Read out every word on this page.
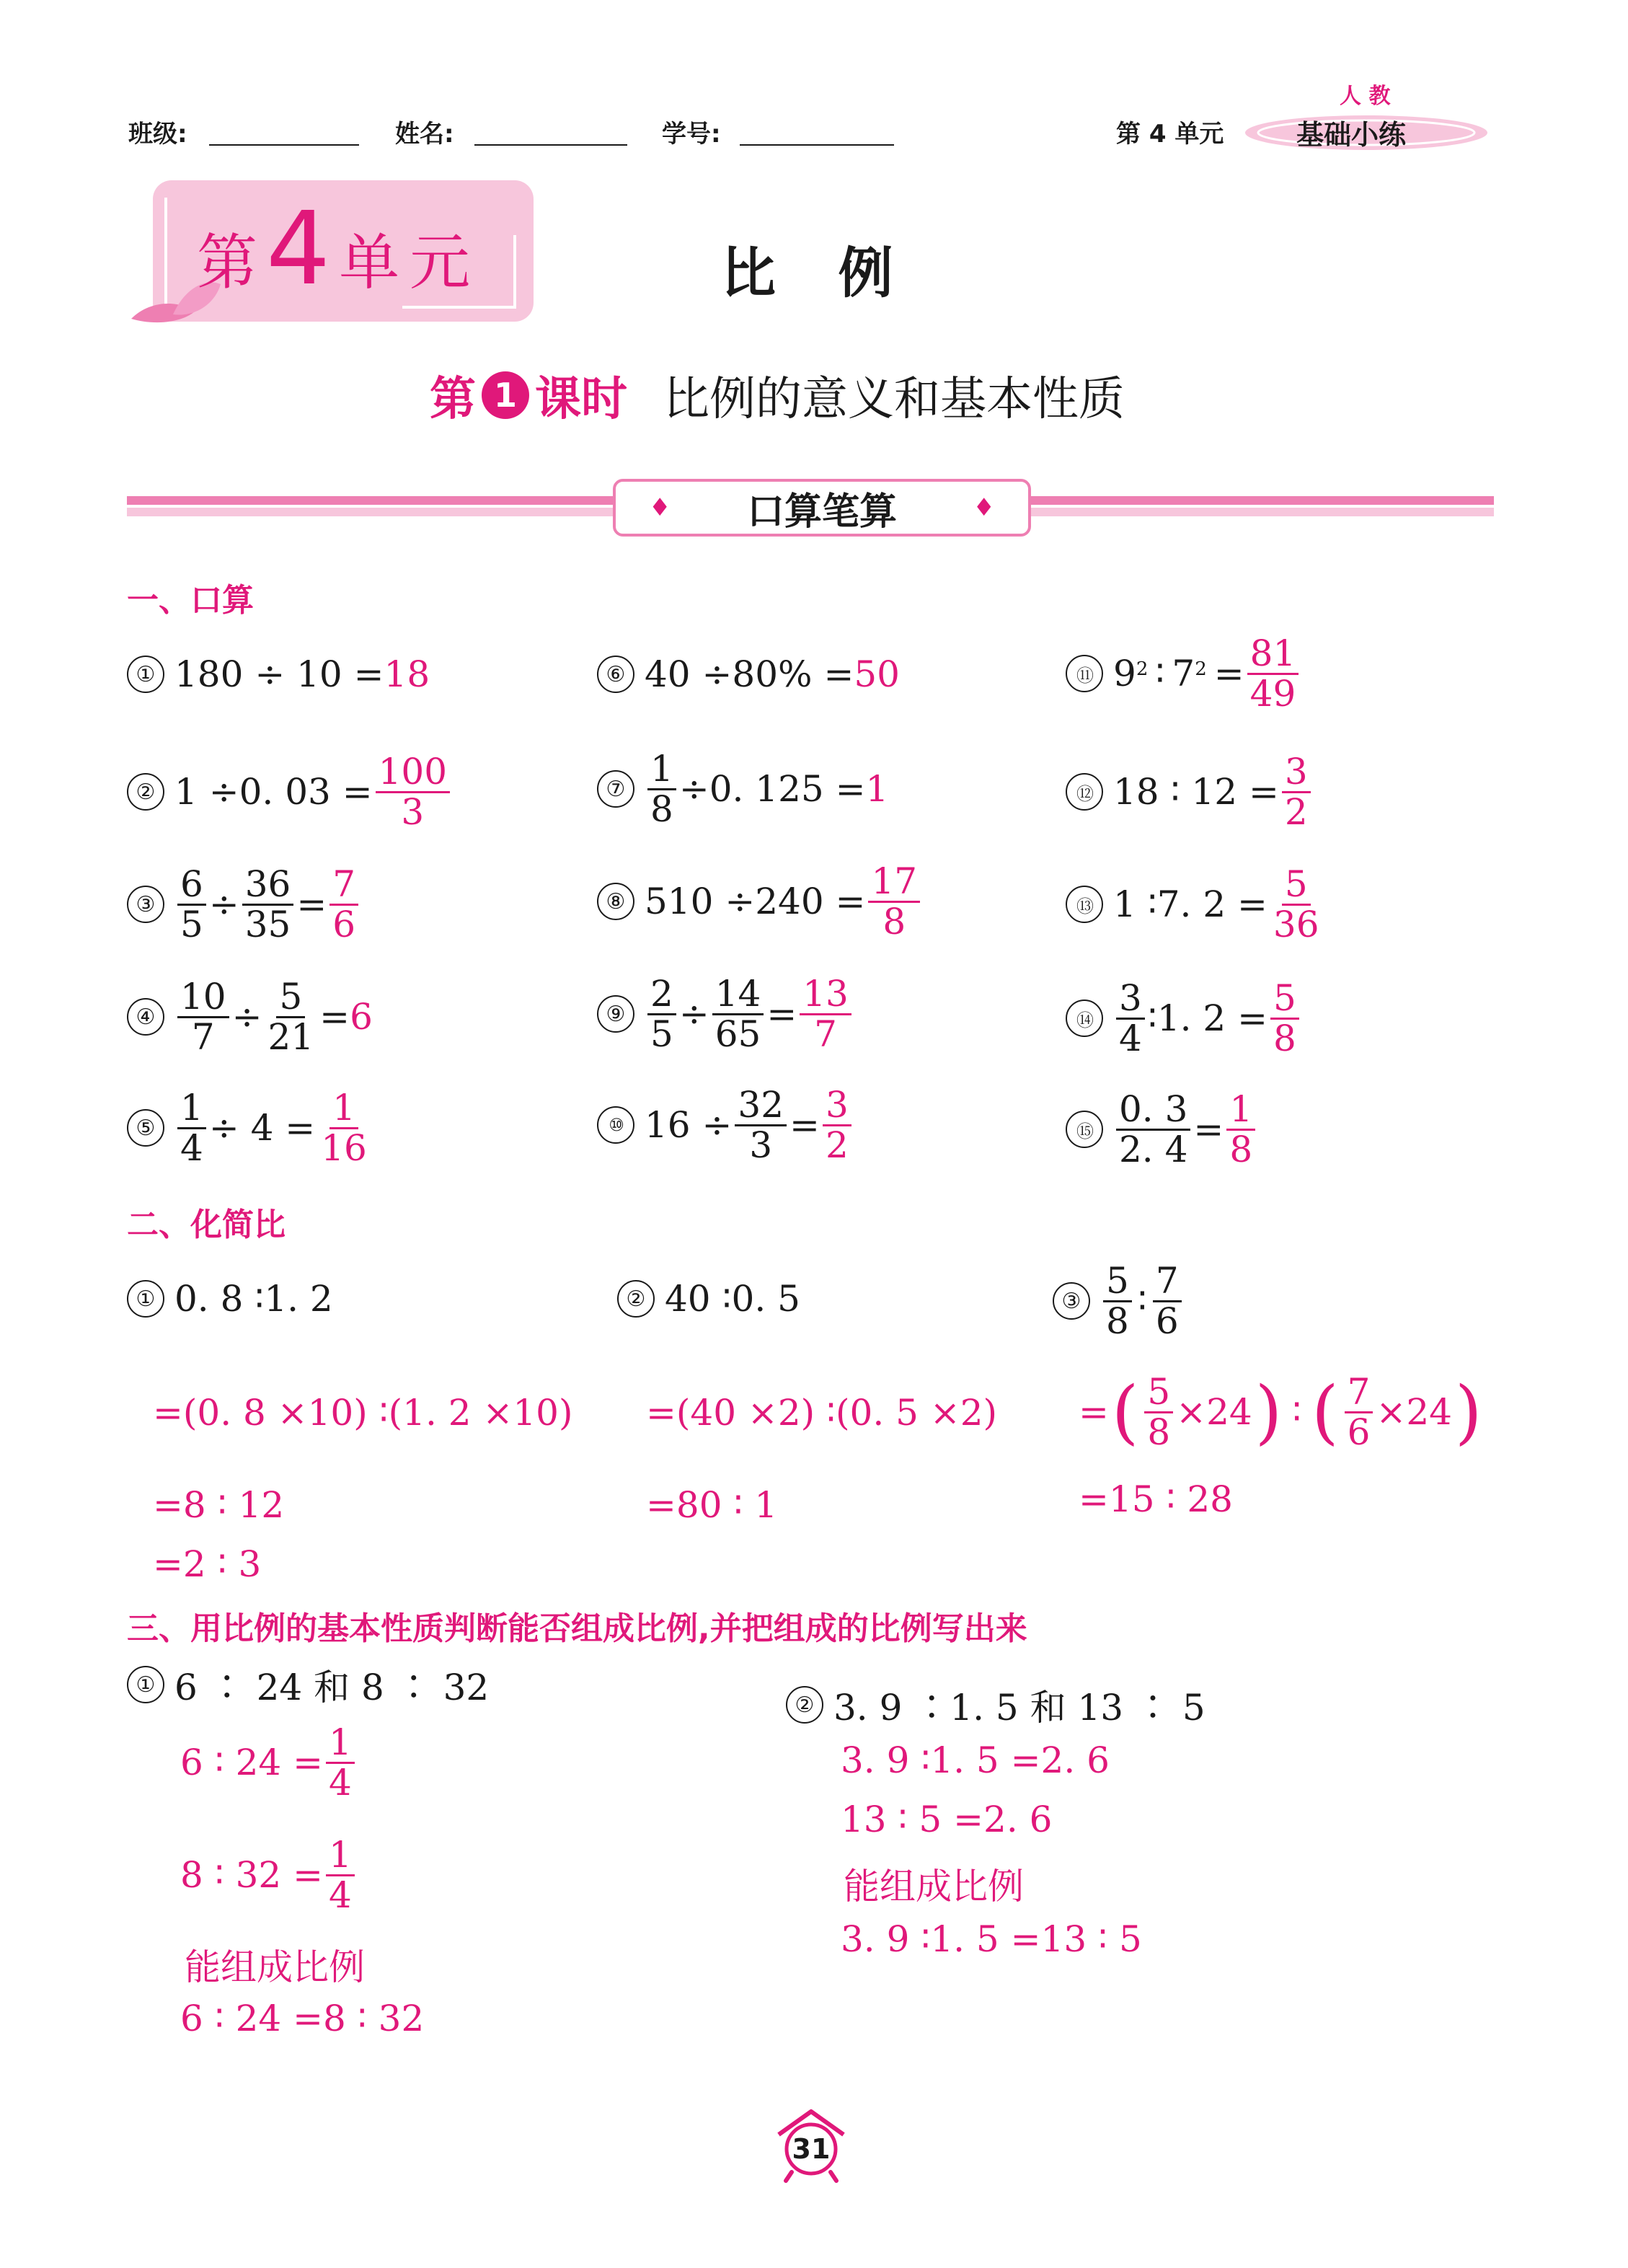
班级:	姓名:	学号:	第 4 单元	基础小练
人 教
第 4 单元	比 例
第 1 课时 比例的意义和基本性质
♦ 口算笔算	♦
一、口算
① 180 ÷ 10 = 18
② 1 ÷0. $03 = \frac{100}{3}$
③ $\frac{6}{5} \div \frac{36}{35} = \frac{7}{6}$
④ $\frac{10}{7} \div \frac{5}{21} = 6$
⑤ $\frac{1}{4} \div 4 = \frac{1}{16}$
⑥ 40 ÷80% = 50
⑦ $\frac{1}{8} \div 0$. 125 = 1
⑧ $510 \div 240 = \frac{17}{8}$
⑨ $\frac{2}{5} \div \frac{14}{65} = \frac{13}{7}$
⑩ $16 \div \frac{32}{3} = \frac{3}{2}$
⑪ 9 2 ∶ 7 $2 = \frac{81}{49}$
⑫ 18 ∶ $12 = \frac{3}{2}$
⑬ 1 ∶7. $2 = \frac{5}{36}$
⑭ $\frac{3}{4}$ ∶1. $2 = \frac{5}{8}$
⑮ $\frac{0. 3}{2. 4} = \frac{1}{8}$
二、化简比
① 0. 8 ∶1. 2
=(0. 8 ×10) ∶(1. 2 ×10)
=8 ∶ 12
=2 ∶ 3
② 40 ∶0. 5
=(40 ×2) ∶(0. 5 ×2)
=80 ∶ 1
③ $\frac{5}{8}$ ∶ $\frac{7}{6}$
= ( $\frac{5}{8} \times 24$ ) ∶ ( $\frac{7}{6} \times 24$ )
=15 ∶ 28
三、用比例的基本性质判断能否组成比例,并把组成的比例写出来
① 6 ∶ 24 和 8 ∶ 32
6 ∶ $24 = \frac{1}{4}$
8 ∶ $32 = \frac{1}{4}$
能组成比例
6 ∶ 24 =8 ∶ 32
② 3. 9 ∶1. 5 和 13 ∶ 5
3. 9 ∶1. 5 =2. 6
13 ∶ 5 =2. 6
能组成比例
3. 9 ∶1. 5 =13 ∶ 5
31
